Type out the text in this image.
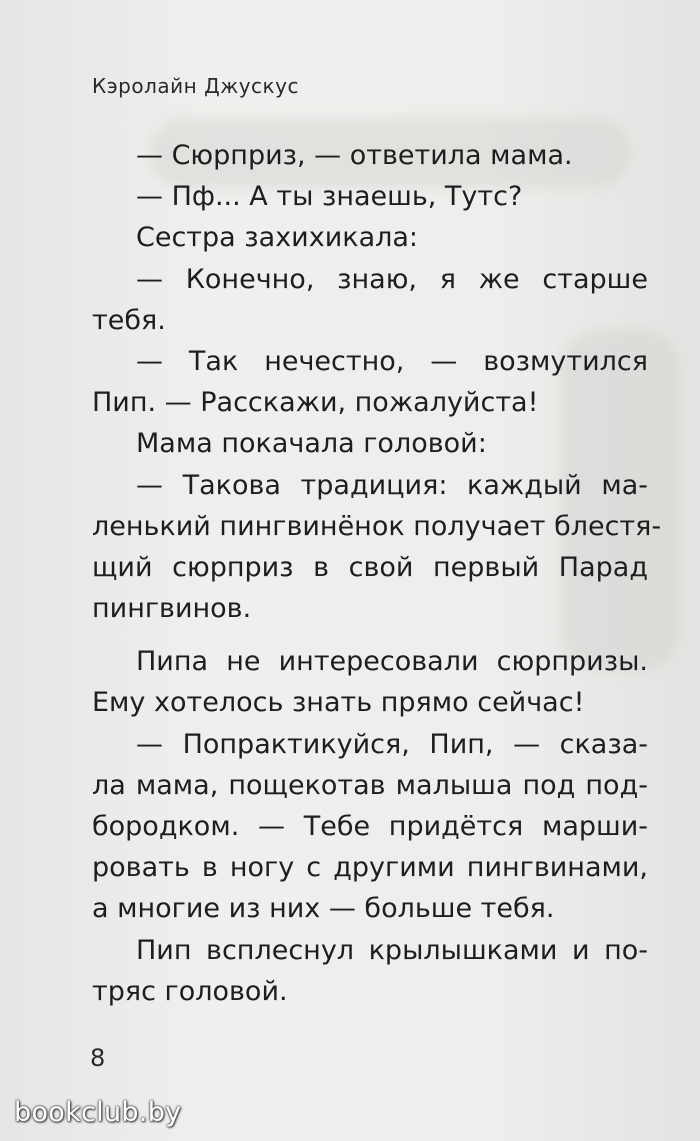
Кэролайн Джускус
— Сюрприз, — ответила мама.
— Пф... А ты знаешь, Тутс?
Сестра захихикала:
— Конечно, знаю, я же старше
тебя.
— Так нечестно, — возмутился
Пип. — Расскажи, пожалуйста!
Мама покачала головой:
— Такова традиция: каждый ма-
ленький пингвинёнок получает блестя-
щий сюрприз в свой первый Парад
пингвинов.
Пипа не интересовали сюрпризы.
Ему хотелось знать прямо сейчас!
— Попрактикуйся, Пип, — сказа-
ла мама, пощекотав малыша под под-
бородком. — Тебе придётся марши-
ровать в ногу с другими пингвинами,
а многие из них — больше тебя.
Пип всплеснул крылышками и по-
тряс головой.
8
bookclub.by
